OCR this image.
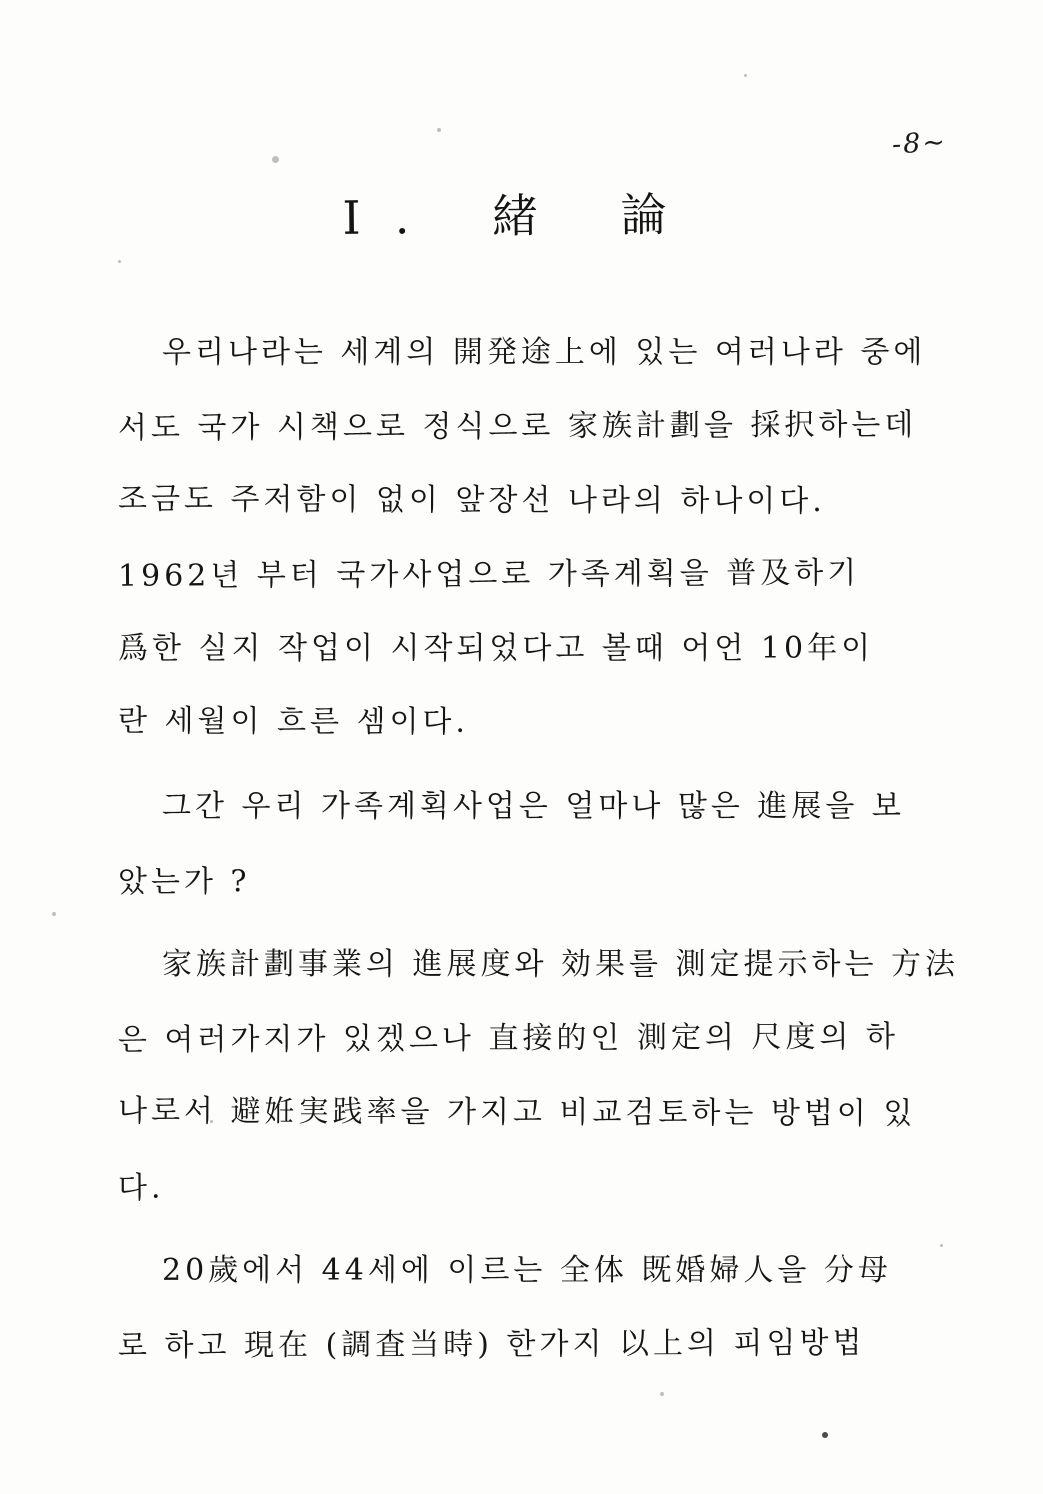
-8~
I. 緒 論
우리나라는 세계의 開発途上에 있는 여러나라 중에
서도 국가 시책으로 정식으로 家族計劃을 採択하는데
조금도 주저함이 없이 앞장선 나라의 하나이다.
1962년 부터 국가사업으로 가족계획을 普及하기
爲한 실지 작업이 시작되었다고 볼때 어언 10年이
란 세월이 흐른 셈이다.
그간 우리 가족계획사업은 얼마나 많은 進展을 보
았는가 ?
家族計劃事業의 進展度와 効果를 測定提示하는 方法
은 여러가지가 있겠으나 直接的인 測定의 尺度의 하
나로서 避姙実践率을 가지고 비교검토하는 방법이 있
다.
20歲에서 44세에 이르는 全体 既婚婦人을 分母
로 하고 現在 (調査当時) 한가지 以上의 피임방법
